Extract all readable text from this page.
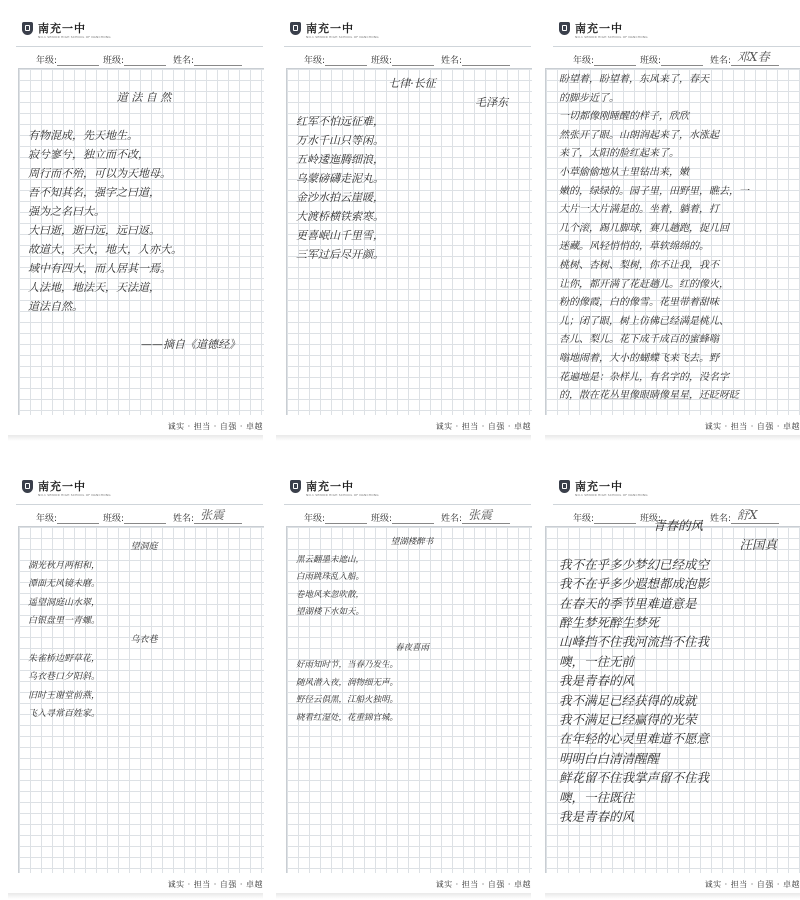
南充一中
NO.1 SENIOR HIGH SCHOOL OF NANCHONG
年级:	班级:	姓名:

道 法 自 然

有物混成，先天地生。

寂兮寥兮，独立而不改，

周行而不殆，可以为天地母。

吾不知其名，强字之曰道，

强为之名曰大。

大曰逝，逝曰远，远曰返。

故道大，天大，地大，人亦大。

域中有四大，而人居其一焉。

人法地，地法天，天法道，

道法自然。

——摘自《道德经》

诚实 · 担当 · 自强 · 卓越
南充一中
NO.1 SENIOR HIGH SCHOOL OF NANCHONG
年级:	班级:	姓名:

七律·长征

毛泽东

红军不怕远征难，

万水千山只等闲。

五岭逶迤腾细浪，

乌蒙磅礴走泥丸。

金沙水拍云崖暖，

大渡桥横铁索寒。

更喜岷山千里雪，

三军过后尽开颜。

诚实 · 担当 · 自强 · 卓越
南充一中
NO.1 SENIOR HIGH SCHOOL OF NANCHONG
年级:	班级:	姓名: 邓X春

盼望着，盼望着，东风来了，春天

的脚步近了。

一切都像刚睡醒的样子，欣欣

然张开了眼。山朗润起来了，水涨起

来了，太阳的脸红起来了。

小草偷偷地从土里钻出来，嫩

嫩的，绿绿的。园子里，田野里，瞧去，一

大片一大片满是的。坐着，躺着，打

几个滚，踢几脚球，赛几趟跑，捉几回

迷藏。风轻悄悄的，草软绵绵的。

桃树、杏树、梨树，你不让我，我不

让你，都开满了花赶趟儿。红的像火，

粉的像霞，白的像雪。花里带着甜味

儿；闭了眼，树上仿佛已经满是桃儿、

杏儿、梨儿。花下成千成百的蜜蜂嗡

嗡地闹着，大小的蝴蝶飞来飞去。野

花遍地是：杂样儿，有名字的，没名字

的，散在花丛里像眼睛像星星，还眨呀眨

诚实 · 担当 · 自强 · 卓越
南充一中
NO.1 SENIOR HIGH SCHOOL OF NANCHONG
年级:	班级:	姓名: 张震

望洞庭

湖光秋月两相和，

潭面无风镜未磨。

遥望洞庭山水翠，

白银盘里一青螺。

乌衣巷

朱雀桥边野草花，

乌衣巷口夕阳斜。

旧时王谢堂前燕，

飞入寻常百姓家。

诚实 · 担当 · 自强 · 卓越
南充一中
NO.1 SENIOR HIGH SCHOOL OF NANCHONG
年级:	班级:	姓名: 张震

望湖楼醉书

黑云翻墨未遮山，

白雨跳珠乱入船。

卷地风来忽吹散，

望湖楼下水如天。

春夜喜雨

好雨知时节，当春乃发生。

随风潜入夜，润物细无声。

野径云俱黑，江船火独明。

晓看红湿处，花重锦官城。

诚实 · 担当 · 自强 · 卓越
南充一中
NO.1 SENIOR HIGH SCHOOL OF NANCHONG
年级:	班级:	姓名: 舒X

青春的风

汪国真

我不在乎多少梦幻已经成空

我不在乎多少遐想都成泡影

在春天的季节里难道意是

醉生梦死醉生梦死

山峰挡不住我河流挡不住我

噢，一往无前

我是青春的风

我不满足已经获得的成就

我不满足已经赢得的光荣

在年轻的心灵里难道不愿意

明明白白清清醒醒

鲜花留不住我掌声留不住我

噢，一往既往

我是青春的风

诚实 · 担当 · 自强 · 卓越
